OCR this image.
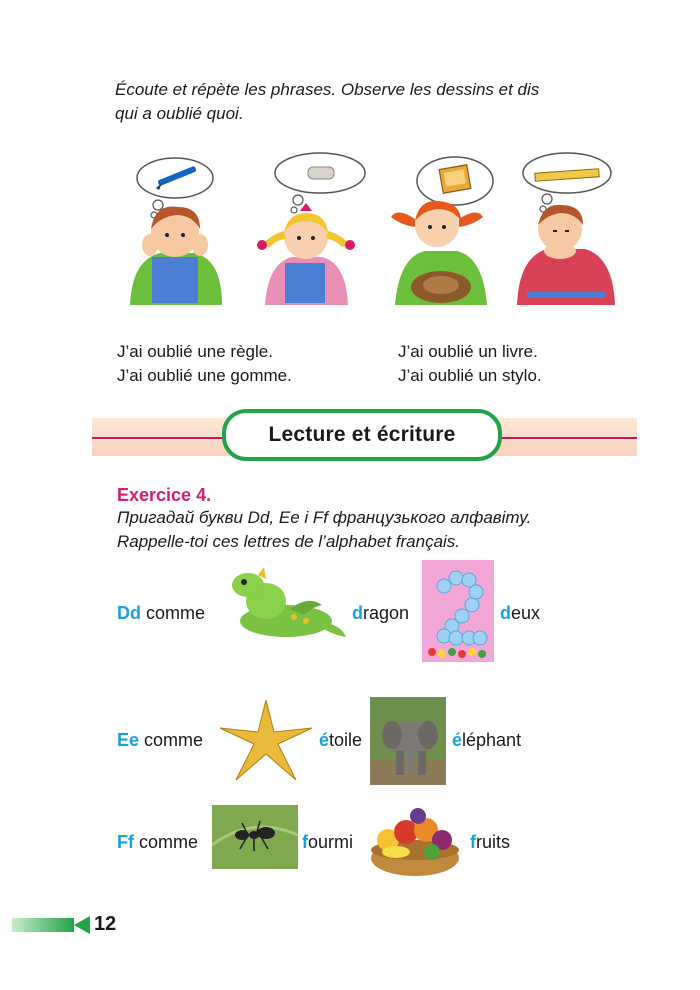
Écoute et répète les phrases. Observe les dessins et dis
qui a oublié quoi.
J’ai oublié une règle.
J’ai oublié une gomme.
J’ai oublié un livre.
J’ai oublié un stylo.
Lecture et écriture
Exercice 4.
Пригадай букви Dd, Ee і Ff французького алфавіту.
Rappelle-toi ces lettres de l’alphabet français.
Dd comme	dragon	deux
Ee comme	étoile	éléphant
Ff comme	fourmi	fruits
12
